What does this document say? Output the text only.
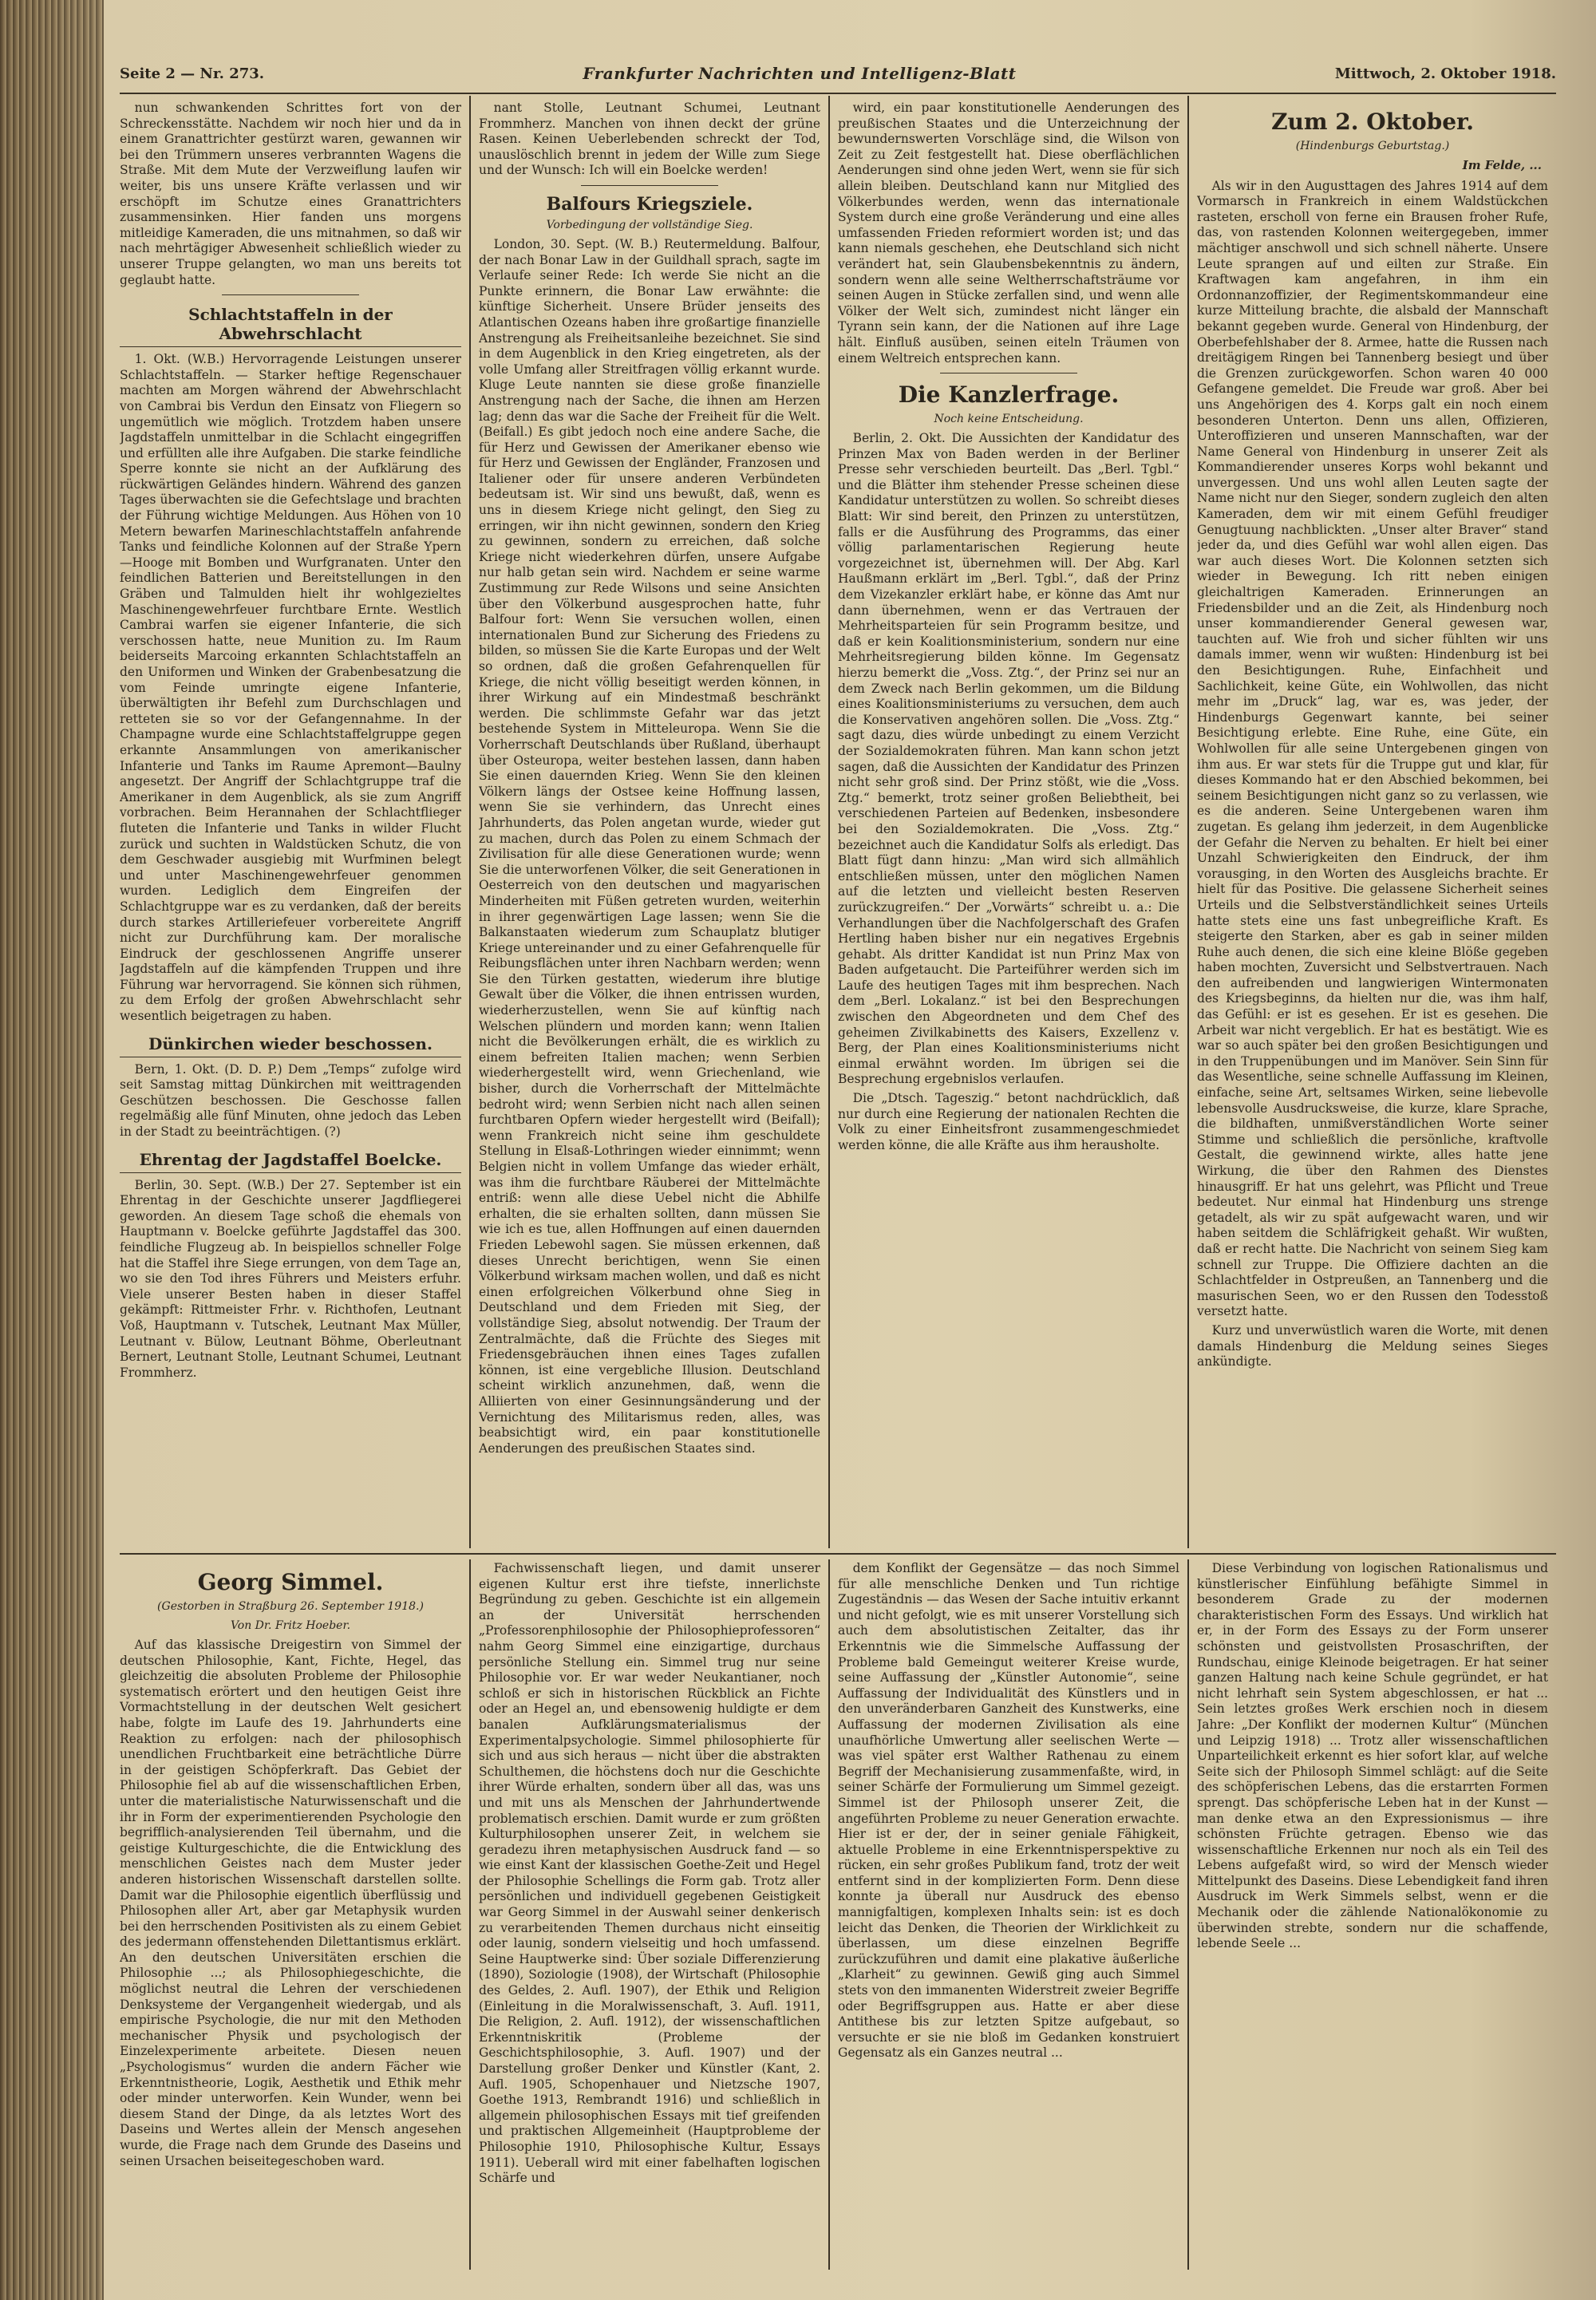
Seite 2 — Nr. 273.	Frankfurter Nachrichten und Intelligenz-Blatt	Mittwoch, 2. Oktober 1918.

nun schwankenden Schrittes fort von der Schreckensstätte. Nachdem wir noch hier und da in einem Granattrichter gestürzt waren, gewannen wir bei den Trümmern unseres verbrannten Wagens die Straße. Mit dem Mute der Verzweiflung laufen wir weiter, bis uns unsere Kräfte verlassen und wir erschöpft im Schutze eines Granattrichters zusammensinken. Hier fanden uns morgens mitleidige Kameraden, die uns mitnahmen, so daß wir nach mehrtägiger Abwesenheit schließlich wieder zu unserer Truppe gelangten, wo man uns bereits tot geglaubt hatte.

Schlachtstaffeln in der Abwehrschlacht

1. Okt. (W.B.) Hervorragende Leistungen unserer Schlachtstaffeln. — Starker heftige Regenschauer machten am Morgen während der Abwehrschlacht von Cambrai bis Verdun den Einsatz von Fliegern so ungemütlich wie möglich. Trotzdem haben unsere Jagdstaffeln unmittelbar in die Schlacht eingegriffen und erfüllten alle ihre Aufgaben. Die starke feindliche Sperre konnte sie nicht an der Aufklärung des rückwärtigen Geländes hindern. Während des ganzen Tages überwachten sie die Gefechtslage und brachten der Führung wichtige Meldungen. Aus Höhen von 10 Metern bewarfen Marineschlachtstaffeln anfahrende Tanks und feindliche Kolonnen auf der Straße Ypern—Hooge mit Bomben und Wurfgranaten. Unter den feindlichen Batterien und Bereitstellungen in den Gräben und Talmulden hielt ihr wohlgezieltes Maschinengewehrfeuer furchtbare Ernte. Westlich Cambrai warfen sie eigener Infanterie, die sich verschossen hatte, neue Munition zu. Im Raum beiderseits Marcoing erkannten Schlachtstaffeln an den Uniformen und Winken der Grabenbesatzung die vom Feinde umringte eigene Infanterie, überwältigten ihr Befehl zum Durchschlagen und retteten sie so vor der Gefangennahme. In der Champagne wurde eine Schlachtstaffelgruppe gegen erkannte Ansammlungen von amerikanischer Infanterie und Tanks im Raume Apremont—Baulny angesetzt. Der Angriff der Schlachtgruppe traf die Amerikaner in dem Augenblick, als sie zum Angriff vorbrachen. Beim Herannahen der Schlachtflieger fluteten die Infanterie und Tanks in wilder Flucht zurück und suchten in Waldstücken Schutz, die von dem Geschwader ausgiebig mit Wurfminen belegt und unter Maschinengewehrfeuer genommen wurden. Lediglich dem Eingreifen der Schlachtgruppe war es zu verdanken, daß der bereits durch starkes Artilleriefeuer vorbereitete Angriff nicht zur Durchführung kam. Der moralische Eindruck der geschlossenen Angriffe unserer Jagdstaffeln auf die kämpfenden Truppen und ihre Führung war hervorragend. Sie können sich rühmen, zu dem Erfolg der großen Abwehrschlacht sehr wesentlich beigetragen zu haben.

Dünkirchen wieder beschossen.

Bern, 1. Okt. (D. D. P.) Dem „Temps“ zufolge wird seit Samstag mittag Dünkirchen mit weittragenden Geschützen beschossen. Die Geschosse fallen regelmäßig alle fünf Minuten, ohne jedoch das Leben in der Stadt zu beeinträchtigen. (?)

Ehrentag der Jagdstaffel Boelcke.

Berlin, 30. Sept. (W.B.) Der 27. September ist ein Ehrentag in der Geschichte unserer Jagdfliegerei geworden. An diesem Tage schoß die ehemals von Hauptmann v. Boelcke geführte Jagdstaffel das 300. feindliche Flugzeug ab. In beispiellos schneller Folge hat die Staffel ihre Siege errungen, von dem Tage an, wo sie den Tod ihres Führers und Meisters erfuhr. Viele unserer Besten haben in dieser Staffel gekämpft: Rittmeister Frhr. v. Richthofen, Leutnant Voß, Hauptmann v. Tutschek, Leutnant Max Müller, Leutnant v. Bülow, Leutnant Böhme, Oberleutnant Bernert, Leutnant Stolle, Leutnant Schumei, Leutnant Frommherz.

nant Stolle, Leutnant Schumei, Leutnant Frommherz. Manchen von ihnen deckt der grüne Rasen. Keinen Ueberlebenden schreckt der Tod, unauslöschlich brennt in jedem der Wille zum Siege und der Wunsch: Ich will ein Boelcke werden!

Balfours Kriegsziele.
Vorbedingung der vollständige Sieg.

London, 30. Sept. (W. B.) Reutermeldung. Balfour, der nach Bonar Law in der Guildhall sprach, sagte im Verlaufe seiner Rede: Ich werde Sie nicht an die Punkte erinnern, die Bonar Law erwähnte: die künftige Sicherheit. Unsere Brüder jenseits des Atlantischen Ozeans haben ihre großartige finanzielle Anstrengung als Freiheitsanleihe bezeichnet. Sie sind in dem Augenblick in den Krieg eingetreten, als der volle Umfang aller Streitfragen völlig erkannt wurde. Kluge Leute nannten sie diese große finanzielle Anstrengung nach der Sache, die ihnen am Herzen lag; denn das war die Sache der Freiheit für die Welt. (Beifall.) Es gibt jedoch noch eine andere Sache, die für Herz und Gewissen der Amerikaner ebenso wie für Herz und Gewissen der Engländer, Franzosen und Italiener oder für unsere anderen Verbündeten bedeutsam ist. Wir sind uns bewußt, daß, wenn es uns in diesem Kriege nicht gelingt, den Sieg zu erringen, wir ihn nicht gewinnen, sondern den Krieg zu gewinnen, sondern zu erreichen, daß solche Kriege nicht wiederkehren dürfen, unsere Aufgabe nur halb getan sein wird. Nachdem er seine warme Zustimmung zur Rede Wilsons und seine Ansichten über den Völkerbund ausgesprochen hatte, fuhr Balfour fort: Wenn Sie versuchen wollen, einen internationalen Bund zur Sicherung des Friedens zu bilden, so müssen Sie die Karte Europas und der Welt so ordnen, daß die großen Gefahrenquellen für Kriege, die nicht völlig beseitigt werden können, in ihrer Wirkung auf ein Mindestmaß beschränkt werden. Die schlimmste Gefahr war das jetzt bestehende System in Mitteleuropa. Wenn Sie die Vorherrschaft Deutschlands über Rußland, überhaupt über Osteuropa, weiter bestehen lassen, dann haben Sie einen dauernden Krieg. Wenn Sie den kleinen Völkern längs der Ostsee keine Hoffnung lassen, wenn Sie sie verhindern, das Unrecht eines Jahrhunderts, das Polen angetan wurde, wieder gut zu machen, durch das Polen zu einem Schmach der Zivilisation für alle diese Generationen wurde; wenn Sie die unterworfenen Völker, die seit Generationen in Oesterreich von den deutschen und magyarischen Minderheiten mit Füßen getreten wurden, weiterhin in ihrer gegenwärtigen Lage lassen; wenn Sie die Balkanstaaten wiederum zum Schauplatz blutiger Kriege untereinander und zu einer Gefahrenquelle für Reibungsflächen unter ihren Nachbarn werden; wenn Sie den Türken gestatten, wiederum ihre blutige Gewalt über die Völker, die ihnen entrissen wurden, wiederherzustellen, wenn Sie auf künftig nach Welschen plündern und morden kann; wenn Italien nicht die Bevölkerungen erhält, die es wirklich zu einem befreiten Italien machen; wenn Serbien wiederhergestellt wird, wenn Griechenland, wie bisher, durch die Vorherrschaft der Mittelmächte bedroht wird; wenn Serbien nicht nach allen seinen furchtbaren Opfern wieder hergestellt wird (Beifall); wenn Frankreich nicht seine ihm geschuldete Stellung in Elsaß-Lothringen wieder einnimmt; wenn Belgien nicht in vollem Umfange das wieder erhält, was ihm die furchtbare Räuberei der Mittelmächte entriß: wenn alle diese Uebel nicht die Abhilfe erhalten, die sie erhalten sollten, dann müssen Sie wie ich es tue, allen Hoffnungen auf einen dauernden Frieden Lebewohl sagen. Sie müssen erkennen, daß dieses Unrecht berichtigen, wenn Sie einen Völkerbund wirksam machen wollen, und daß es nicht einen erfolgreichen Völkerbund ohne Sieg in Deutschland und dem Frieden mit Sieg, der vollständige Sieg, absolut notwendig. Der Traum der Zentralmächte, daß die Früchte des Sieges mit Friedensgebräuchen ihnen eines Tages zufallen können, ist eine vergebliche Illusion. Deutschland scheint wirklich anzunehmen, daß, wenn die Alliierten von einer Gesinnungsänderung und der Vernichtung des Militarismus reden, alles, was beabsichtigt wird, ein paar konstitutionelle Aenderungen des preußischen Staates sind.

wird, ein paar konstitutionelle Aenderungen des preußischen Staates und die Unterzeichnung der bewundernswerten Vorschläge sind, die Wilson von Zeit zu Zeit festgestellt hat. Diese oberflächlichen Aenderungen sind ohne jeden Wert, wenn sie für sich allein bleiben. Deutschland kann nur Mitglied des Völkerbundes werden, wenn das internationale System durch eine große Veränderung und eine alles umfassenden Frieden reformiert worden ist; und das kann niemals geschehen, ehe Deutschland sich nicht verändert hat, sein Glaubensbekenntnis zu ändern, sondern wenn alle seine Weltherrschaftsträume vor seinen Augen in Stücke zerfallen sind, und wenn alle Völker der Welt sich, zumindest nicht länger ein Tyrann sein kann, der die Nationen auf ihre Lage hält. Einfluß ausüben, seinen eiteln Träumen von einem Weltreich entsprechen kann.

Die Kanzlerfrage.
Noch keine Entscheidung.

Berlin, 2. Okt. Die Aussichten der Kandidatur des Prinzen Max von Baden werden in der Berliner Presse sehr verschieden beurteilt. Das „Berl. Tgbl.“ und die Blätter ihm stehender Presse scheinen diese Kandidatur unterstützen zu wollen. So schreibt dieses Blatt: Wir sind bereit, den Prinzen zu unterstützen, falls er die Ausführung des Programms, das einer völlig parlamentarischen Regierung heute vorgezeichnet ist, übernehmen will. Der Abg. Karl Haußmann erklärt im „Berl. Tgbl.“, daß der Prinz dem Vizekanzler erklärt habe, er könne das Amt nur dann übernehmen, wenn er das Vertrauen der Mehrheitsparteien für sein Programm besitze, und daß er kein Koalitionsministerium, sondern nur eine Mehrheitsregierung bilden könne. Im Gegensatz hierzu bemerkt die „Voss. Ztg.“, der Prinz sei nur an dem Zweck nach Berlin gekommen, um die Bildung eines Koalitionsministeriums zu versuchen, dem auch die Konservativen angehören sollen. Die „Voss. Ztg.“ sagt dazu, dies würde unbedingt zu einem Verzicht der Sozialdemokraten führen. Man kann schon jetzt sagen, daß die Aussichten der Kandidatur des Prinzen nicht sehr groß sind. Der Prinz stößt, wie die „Voss. Ztg.“ bemerkt, trotz seiner großen Beliebtheit, bei verschiedenen Parteien auf Bedenken, insbesondere bei den Sozialdemokraten. Die „Voss. Ztg.“ bezeichnet auch die Kandidatur Solfs als erledigt. Das Blatt fügt dann hinzu: „Man wird sich allmählich entschließen müssen, unter den möglichen Namen auf die letzten und vielleicht besten Reserven zurückzugreifen.“ Der „Vorwärts“ schreibt u. a.: Die Verhandlungen über die Nachfolgerschaft des Grafen Hertling haben bisher nur ein negatives Ergebnis gehabt. Als dritter Kandidat ist nun Prinz Max von Baden aufgetaucht. Die Parteiführer werden sich im Laufe des heutigen Tages mit ihm besprechen. Nach dem „Berl. Lokalanz.“ ist bei den Besprechungen zwischen den Abgeordneten und dem Chef des geheimen Zivilkabinetts des Kaisers, Exzellenz v. Berg, der Plan eines Koalitionsministeriums nicht einmal erwähnt worden. Im übrigen sei die Besprechung ergebnislos verlaufen.

Die „Dtsch. Tageszig.“ betont nachdrücklich, daß nur durch eine Regierung der nationalen Rechten die Volk zu einer Einheitsfront zusammengeschmiedet werden könne, die alle Kräfte aus ihm herausholte.

Zum 2. Oktober.
(Hindenburgs Geburtstag.)
Im Felde, ...

Als wir in den Augusttagen des Jahres 1914 auf dem Vormarsch in Frankreich in einem Waldstückchen rasteten, erscholl von ferne ein Brausen froher Rufe, das, von rastenden Kolonnen weitergegeben, immer mächtiger anschwoll und sich schnell näherte. Unsere Leute sprangen auf und eilten zur Straße. Ein Kraftwagen kam angefahren, in ihm ein Ordonnanzoffizier, der Regimentskommandeur eine kurze Mitteilung brachte, die alsbald der Mannschaft bekannt gegeben wurde. General von Hindenburg, der Oberbefehlshaber der 8. Armee, hatte die Russen nach dreitägigem Ringen bei Tannenberg besiegt und über die Grenzen zurückgeworfen. Schon waren 40 000 Gefangene gemeldet. Die Freude war groß. Aber bei uns Angehörigen des 4. Korps galt ein noch einem besonderen Unterton. Denn uns allen, Offizieren, Unteroffizieren und unseren Mannschaften, war der Name General von Hindenburg in unserer Zeit als Kommandierender unseres Korps wohl bekannt und unvergessen. Und uns wohl allen Leuten sagte der Name nicht nur den Sieger, sondern zugleich den alten Kameraden, dem wir mit einem Gefühl freudiger Genugtuung nachblickten. „Unser alter Braver“ stand jeder da, und dies Gefühl war wohl allen eigen. Das war auch dieses Wort. Die Kolonnen setzten sich wieder in Bewegung. Ich ritt neben einigen gleichaltrigen Kameraden. Erinnerungen an Friedensbilder und an die Zeit, als Hindenburg noch unser kommandierender General gewesen war, tauchten auf. Wie froh und sicher fühlten wir uns damals immer, wenn wir wußten: Hindenburg ist bei den Besichtigungen. Ruhe, Einfachheit und Sachlichkeit, keine Güte, ein Wohlwollen, das nicht mehr im „Druck“ lag, war es, was jeder, der Hindenburgs Gegenwart kannte, bei seiner Besichtigung erlebte. Eine Ruhe, eine Güte, ein Wohlwollen für alle seine Untergebenen gingen von ihm aus. Er war stets für die Truppe gut und klar, für dieses Kommando hat er den Abschied bekommen, bei seinem Besichtigungen nicht ganz so zu verlassen, wie es die anderen. Seine Untergebenen waren ihm zugetan. Es gelang ihm jederzeit, in dem Augenblicke der Gefahr die Nerven zu behalten. Er hielt bei einer Unzahl Schwierigkeiten den Eindruck, der ihm vorausging, in den Worten des Ausgleichs brachte. Er hielt für das Positive. Die gelassene Sicherheit seines Urteils und die Selbstverständlichkeit seines Urteils hatte stets eine uns fast unbegreifliche Kraft. Es steigerte den Starken, aber es gab in seiner milden Ruhe auch denen, die sich eine kleine Blöße gegeben haben mochten, Zuversicht und Selbstvertrauen. Nach den aufreibenden und langwierigen Wintermonaten des Kriegsbeginns, da hielten nur die, was ihm half, das Gefühl: er ist es gesehen. Er ist es gesehen. Die Arbeit war nicht vergeblich. Er hat es bestätigt. Wie es war so auch später bei den großen Besichtigungen und in den Truppenübungen und im Manöver. Sein Sinn für das Wesentliche, seine schnelle Auffassung im Kleinen, einfache, seine Art, seltsames Wirken, seine liebevolle lebensvolle Ausdrucksweise, die kurze, klare Sprache, die bildhaften, unmißverständlichen Worte seiner Stimme und schließlich die persönliche, kraftvolle Gestalt, die gewinnend wirkte, alles hatte jene Wirkung, die über den Rahmen des Dienstes hinausgriff. Er hat uns gelehrt, was Pflicht und Treue bedeutet. Nur einmal hat Hindenburg uns strenge getadelt, als wir zu spät aufgewacht waren, und wir haben seitdem die Schläfrigkeit gehaßt. Wir wußten, daß er recht hatte. Die Nachricht von seinem Sieg kam schnell zur Truppe. Die Offiziere dachten an die Schlachtfelder in Ostpreußen, an Tannenberg und die masurischen Seen, wo er den Russen den Todesstoß versetzt hatte.

Kurz und unverwüstlich waren die Worte, mit denen damals Hindenburg die Meldung seines Sieges ankündigte.

Georg Simmel.
(Gestorben in Straßburg 26. September 1918.)
Von Dr. Fritz Hoeber.

Auf das klassische Dreigestirn von Simmel der deutschen Philosophie, Kant, Fichte, Hegel, das gleichzeitig die absoluten Probleme der Philosophie systematisch erörtert und den heutigen Geist ihre Vormachtstellung in der deutschen Welt gesichert habe, folgte im Laufe des 19. Jahrhunderts eine Reaktion zu erfolgen: nach der philosophisch unendlichen Fruchtbarkeit eine beträchtliche Dürre in der geistigen Schöpferkraft. Das Gebiet der Philosophie fiel ab auf die wissenschaftlichen Erben, unter die materialistische Naturwissenschaft und die ihr in Form der experimentierenden Psychologie den begrifflich-analysierenden Teil übernahm, und die geistige Kulturgeschichte, die die Entwicklung des menschlichen Geistes nach dem Muster jeder anderen historischen Wissenschaft darstellen sollte. Damit war die Philosophie eigentlich überflüssig und Philosophen aller Art, aber gar Metaphysik wurden bei den herrschenden Positivisten als zu einem Gebiet des jedermann offenstehenden Dilettantismus erklärt. An den deutschen Universitäten erschien die Philosophie ...; als Philosophiegeschichte, die möglichst neutral die Lehren der verschiedenen Denksysteme der Vergangenheit wiedergab, und als empirische Psychologie, die nur mit den Methoden mechanischer Physik und psychologisch der Einzelexperimente arbeitete. Diesen neuen „Psychologismus“ wurden die andern Fächer wie Erkenntnistheorie, Logik, Aesthetik und Ethik mehr oder minder unterworfen. Kein Wunder, wenn bei diesem Stand der Dinge, da als letztes Wort des Daseins und Wertes allein der Mensch angesehen wurde, die Frage nach dem Grunde des Daseins und seinen Ursachen beiseitegeschoben ward.

Fachwissenschaft liegen, und damit unserer eigenen Kultur erst ihre tiefste, innerlichste Begründung zu geben. Geschichte ist ein allgemein an der Universität herrschenden „Professorenphilosophie der Philosophieprofessoren“ nahm Georg Simmel eine einzigartige, durchaus persönliche Stellung ein. Simmel trug nur seine Philosophie vor. Er war weder Neukantianer, noch schloß er sich in historischen Rückblick an Fichte oder an Hegel an, und ebensowenig huldigte er dem banalen Aufklärungsmaterialismus der Experimentalpsychologie. Simmel philosophierte für sich und aus sich heraus — nicht über die abstrakten Schulthemen, die höchstens doch nur die Geschichte ihrer Würde erhalten, sondern über all das, was uns und mit uns als Menschen der Jahrhundertwende problematisch erschien. Damit wurde er zum größten Kulturphilosophen unserer Zeit, in welchem sie geradezu ihren metaphysischen Ausdruck fand — so wie einst Kant der klassischen Goethe-Zeit und Hegel der Philosophie Schellings die Form gab. Trotz aller persönlichen und individuell gegebenen Geistigkeit war Georg Simmel in der Auswahl seiner denkerisch zu verarbeitenden Themen durchaus nicht einseitig oder launig, sondern vielseitig und hoch umfassend. Seine Hauptwerke sind: Über soziale Differenzierung (1890), Soziologie (1908), der Wirtschaft (Philosophie des Geldes, 2. Aufl. 1907), der Ethik und Religion (Einleitung in die Moralwissenschaft, 3. Aufl. 1911, Die Religion, 2. Aufl. 1912), der wissenschaftlichen Erkenntniskritik (Probleme der Geschichtsphilosophie, 3. Aufl. 1907) und der Darstellung großer Denker und Künstler (Kant, 2. Aufl. 1905, Schopenhauer und Nietzsche 1907, Goethe 1913, Rembrandt 1916) und schließlich in allgemein philosophischen Essays mit tief greifenden und praktischen Allgemeinheit (Hauptprobleme der Philosophie 1910, Philosophische Kultur, Essays 1911). Ueberall wird mit einer fabelhaften logischen Schärfe und

dem Konflikt der Gegensätze — das noch Simmel für alle menschliche Denken und Tun richtige Zugeständnis — das Wesen der Sache intuitiv erkannt und nicht gefolgt, wie es mit unserer Vorstellung sich auch dem absolutistischen Zeitalter, das ihr Erkenntnis wie die Simmelsche Auffassung der Probleme bald Gemeingut weiterer Kreise wurde, seine Auffassung der „Künstler Autonomie“, seine Auffassung der Individualität des Künstlers und in den unveränderbaren Ganzheit des Kunstwerks, eine Auffassung der modernen Zivilisation als eine unaufhörliche Umwertung aller seelischen Werte — was viel später erst Walther Rathenau zu einem Begriff der Mechanisierung zusammenfaßte, wird, in seiner Schärfe der Formulierung um Simmel gezeigt. Simmel ist der Philosoph unserer Zeit, die angeführten Probleme zu neuer Generation erwachte. Hier ist er der, der in seiner geniale Fähigkeit, aktuelle Probleme in eine Erkenntnisperspektive zu rücken, ein sehr großes Publikum fand, trotz der weit entfernt sind in der komplizierten Form. Denn diese konnte ja überall nur Ausdruck des ebenso mannigfaltigen, komplexen Inhalts sein: ist es doch leicht das Denken, die Theorien der Wirklichkeit zu überlassen, um diese einzelnen Begriffe zurückzuführen und damit eine plakative äußerliche „Klarheit“ zu gewinnen. Gewiß ging auch Simmel stets von den immanenten Widerstreit zweier Begriffe oder Begriffsgruppen aus. Hatte er aber diese Antithese bis zur letzten Spitze aufgebaut, so versuchte er sie nie bloß im Gedanken konstruiert Gegensatz als ein Ganzes neutral ...

Diese Verbindung von logischen Rationalismus und künstlerischer Einfühlung befähigte Simmel in besonderem Grade zu der modernen charakteristischen Form des Essays. Und wirklich hat er, in der Form des Essays zu der Form unserer schönsten und geistvollsten Prosaschriften, der Rundschau, einige Kleinode beigetragen. Er hat seiner ganzen Haltung nach keine Schule gegründet, er hat nicht lehrhaft sein System abgeschlossen, er hat ... Sein letztes großes Werk erschien noch in diesem Jahre: „Der Konflikt der modernen Kultur“ (München und Leipzig 1918) ... Trotz aller wissenschaftlichen Unparteilichkeit erkennt es hier sofort klar, auf welche Seite sich der Philosoph Simmel schlägt: auf die Seite des schöpferischen Lebens, das die erstarrten Formen sprengt. Das schöpferische Leben hat in der Kunst — man denke etwa an den Expressionismus — ihre schönsten Früchte getragen. Ebenso wie das wissenschaftliche Erkennen nur noch als ein Teil des Lebens aufgefaßt wird, so wird der Mensch wieder Mittelpunkt des Daseins. Diese Lebendigkeit fand ihren Ausdruck im Werk Simmels selbst, wenn er die Mechanik oder die zählende Nationalökonomie zu überwinden strebte, sondern nur die schaffende, lebende Seele ...
